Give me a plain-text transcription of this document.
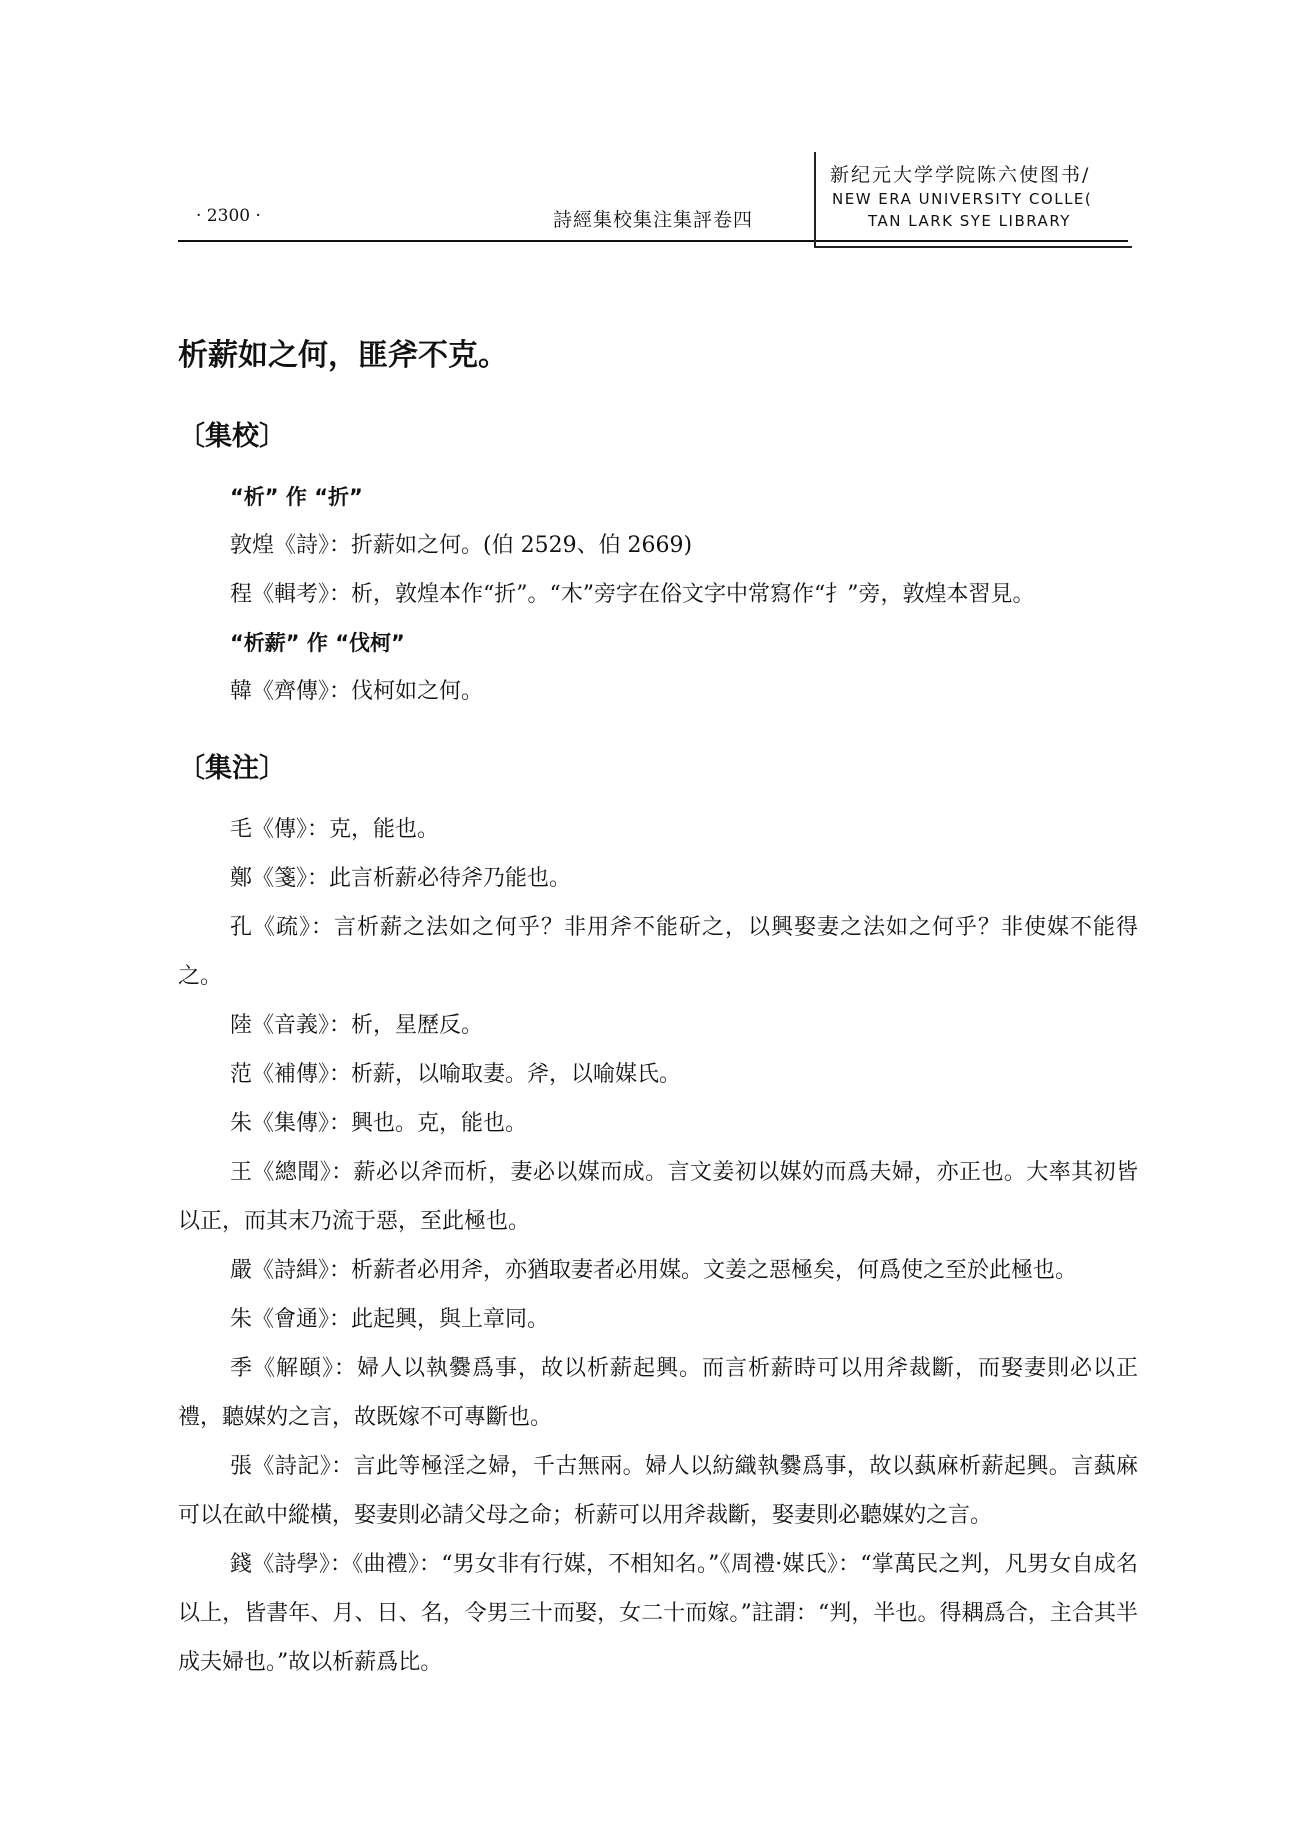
· 2300 ·	詩經集校集注集評卷四
新纪元大学学院陈六使图书/
NEW ERA UNIVERSITY COLLE(
TAN LARK SYE LIBRARY
析薪如之何，匪斧不克。
〔集校〕
“析” 作 “折”

敦煌《詩》：折薪如之何。(伯 2529、伯 2669)

程《輯考》：析，敦煌本作“折”。“木”旁字在俗文字中常寫作“扌”旁，敦煌本習見。

“析薪” 作 “伐柯”

韓《齊傳》：伐柯如之何。

〔集注〕

毛《傳》：克，能也。

鄭《箋》：此言析薪必待斧乃能也。

孔《疏》：言析薪之法如之何乎？非用斧不能斫之，以興娶妻之法如之何乎？非使媒不能得之。

陸《音義》：析，星歷反。

范《補傳》：析薪，以喻取妻。斧，以喻媒氏。

朱《集傳》：興也。克，能也。

王《總聞》：薪必以斧而析，妻必以媒而成。言文姜初以媒妁而爲夫婦，亦正也。大率其初皆以正，而其末乃流于惡，至此極也。

嚴《詩緝》：析薪者必用斧，亦猶取妻者必用媒。文姜之惡極矣，何爲使之至於此極也。

朱《會通》：此起興，與上章同。

季《解頤》：婦人以執爨爲事，故以析薪起興。而言析薪時可以用斧裁斷，而娶妻則必以正禮，聽媒妁之言，故既嫁不可專斷也。

張《詩記》：言此等極淫之婦，千古無兩。婦人以紡織執爨爲事，故以蓺麻析薪起興。言蓺麻可以在畝中縱橫，娶妻則必請父母之命；析薪可以用斧裁斷，娶妻則必聽媒妁之言。

錢《詩學》：《曲禮》：“男女非有行媒，不相知名。”《周禮·媒氏》：“掌萬民之判，凡男女自成名以上，皆書年、月、日、名，令男三十而娶，女二十而嫁。”註謂：“判，半也。得耦爲合，主合其半成夫婦也。”故以析薪爲比。
